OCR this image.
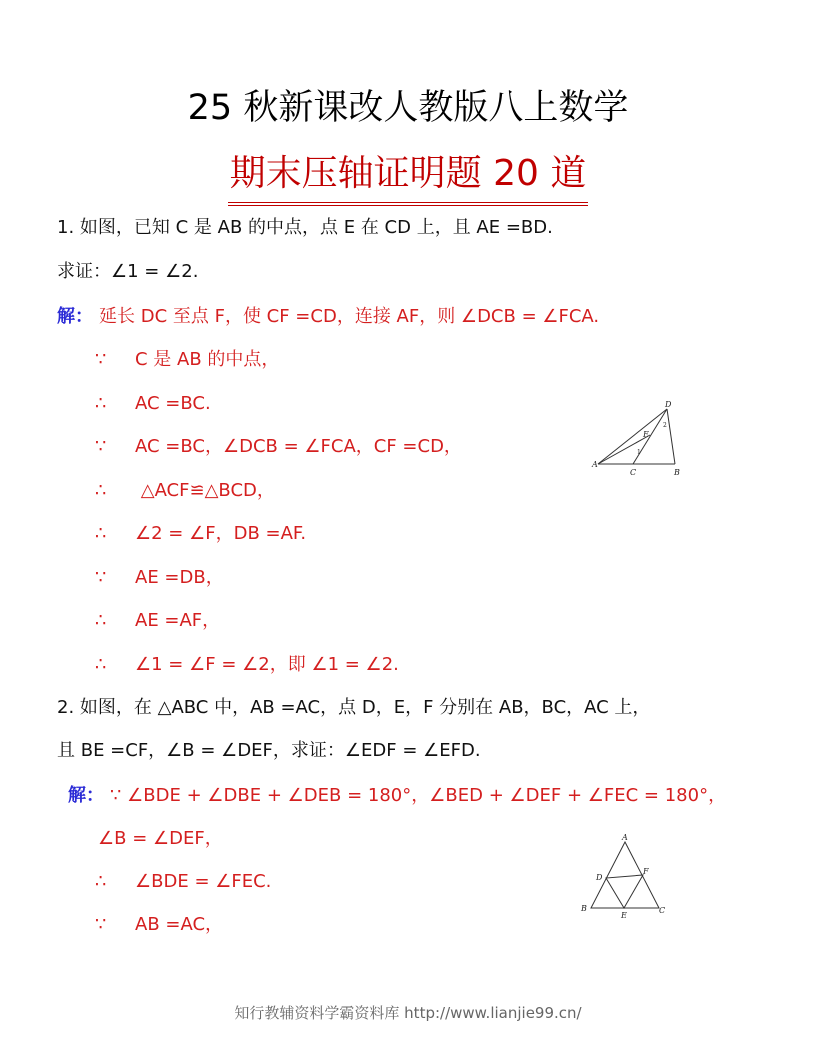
25 秋新课改人教版八上数学
期末压轴证明题 20 道
1. 如图，已知 C 是 AB 的中点，点 E 在 CD 上，且 AE =BD.
求证：∠1 = ∠2.
解： 延长 DC 至点 F，使 CF =CD，连接 AF，则 ∠DCB = ∠FCA.
∵ C 是 AB 的中点，
∴ AC =BC.
∵ AC =BC，∠DCB = ∠FCA，CF =CD，
∴ △ACF≌△BCD，
∴ ∠2 = ∠F，DB =AF.
∵ AE =DB，
∴ AE =AF，
∴ ∠1 = ∠F = ∠2，即 ∠1 = ∠2.
A
B
C
D
E
1
2
2. 如图，在 △ABC 中，AB =AC，点 D，E，F 分别在 AB，BC，AC 上，
且 BE =CF，∠B = ∠DEF，求证：∠EDF = ∠EFD.
解： ∵ ∠BDE + ∠DBE + ∠DEB = 180°，∠BED + ∠DEF + ∠FEC = 180°，
∠B = ∠DEF，
∴ ∠BDE = ∠FEC.
∵ AB =AC，
A
B	C
D
E
F
知行教辅资料学霸资料库 http://www.lianjie99.cn/
